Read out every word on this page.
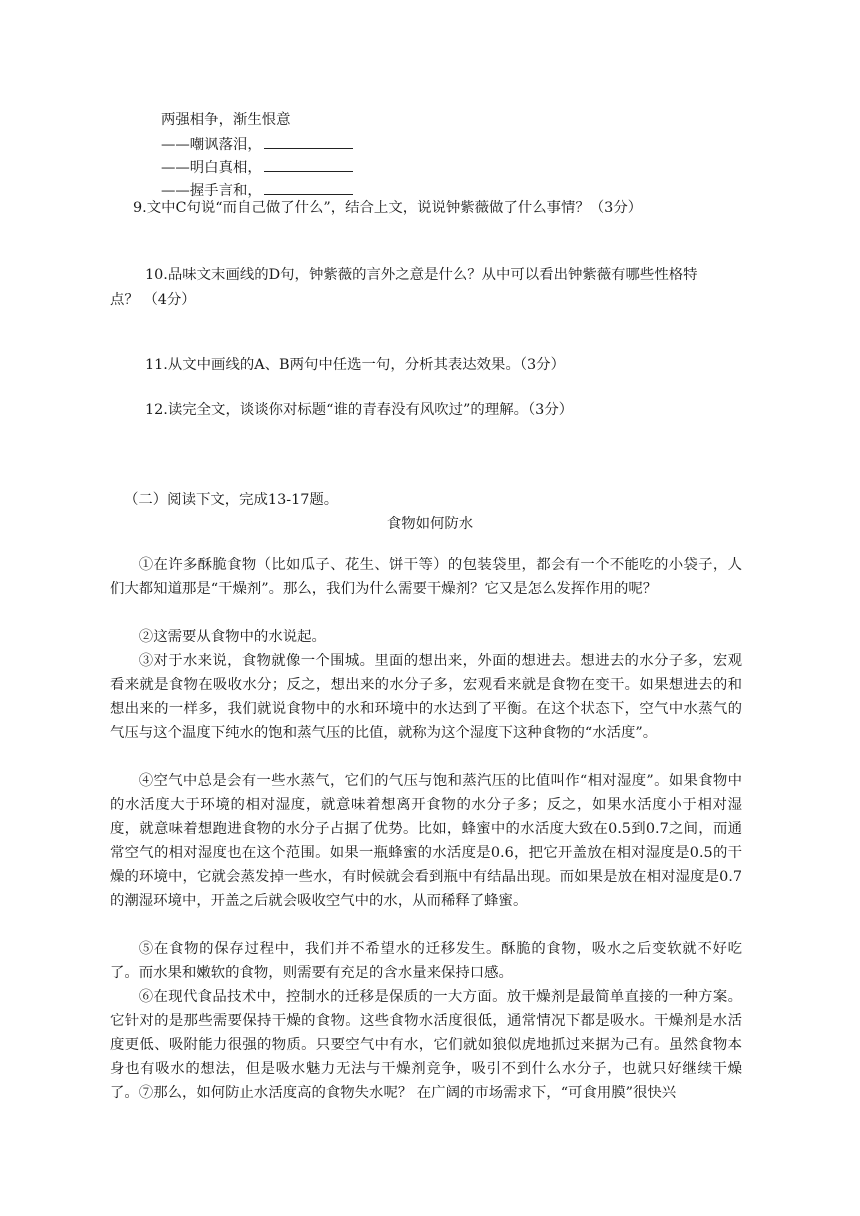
两强相争，渐生恨意
——嘲讽落泪，
——明白真相，
——握手言和，
9.文中C句说“而自己做了什么”，结合上文，说说钟紫薇做了什么事情？（3分）
10.品味文末画线的D句，钟紫薇的言外之意是什么？从中可以看出钟紫薇有哪些性格特
点？ （4分）
11.从文中画线的A、B两句中任选一句，分析其表达效果。（3分）
12.读完全文，谈谈你对标题“谁的青春没有风吹过”的理解。（3分）
（二）阅读下文，完成13-17题。
食物如何防水
①在许多酥脆食物（比如瓜子、花生、饼干等）的包装袋里，都会有一个不能吃的小袋子，人们大都知道那是“干燥剂”。那么，我们为什么需要干燥剂？它又是怎么发挥作用的呢？
②这需要从食物中的水说起。
③对于水来说，食物就像一个围城。里面的想出来，外面的想进去。想进去的水分子多，宏观看来就是食物在吸收水分；反之，想出来的水分子多，宏观看来就是食物在变干。如果想进去的和想出来的一样多，我们就说食物中的水和环境中的水达到了平衡。在这个状态下，空气中水蒸气的气压与这个温度下纯水的饱和蒸气压的比值，就称为这个湿度下这种食物的“水活度”。
④空气中总是会有一些水蒸气，它们的气压与饱和蒸汽压的比值叫作“相对湿度”。如果食物中的水活度大于环境的相对湿度，就意味着想离开食物的水分子多；反之，如果水活度小于相对湿度，就意味着想跑进食物的水分子占据了优势。比如，蜂蜜中的水活度大致在0.5到0.7之间，而通常空气的相对湿度也在这个范围。如果一瓶蜂蜜的水活度是0.6，把它开盖放在相对湿度是0.5的干燥的环境中，它就会蒸发掉一些水，有时候就会看到瓶中有结晶出现。而如果是放在相对湿度是0.7的潮湿环境中，开盖之后就会吸收空气中的水，从而稀释了蜂蜜。
⑤在食物的保存过程中，我们并不希望水的迁移发生。酥脆的食物，吸水之后变软就不好吃了。而水果和嫩软的食物，则需要有充足的含水量来保持口感。
⑥在现代食品技术中，控制水的迁移是保质的一大方面。放干燥剂是最简单直接的一种方案。它针对的是那些需要保持干燥的食物。这些食物水活度很低，通常情况下都是吸水。干燥剂是水活度更低、吸附能力很强的物质。只要空气中有水，它们就如狼似虎地抓过来据为己有。虽然食物本身也有吸水的想法，但是吸水魅力无法与干燥剂竞争，吸引不到什么水分子，也就只好继续干燥了。 ⑦那么，如何防止水活度高的食物失水呢？ 在广阔的市场需求下，“可食用膜”很快兴
